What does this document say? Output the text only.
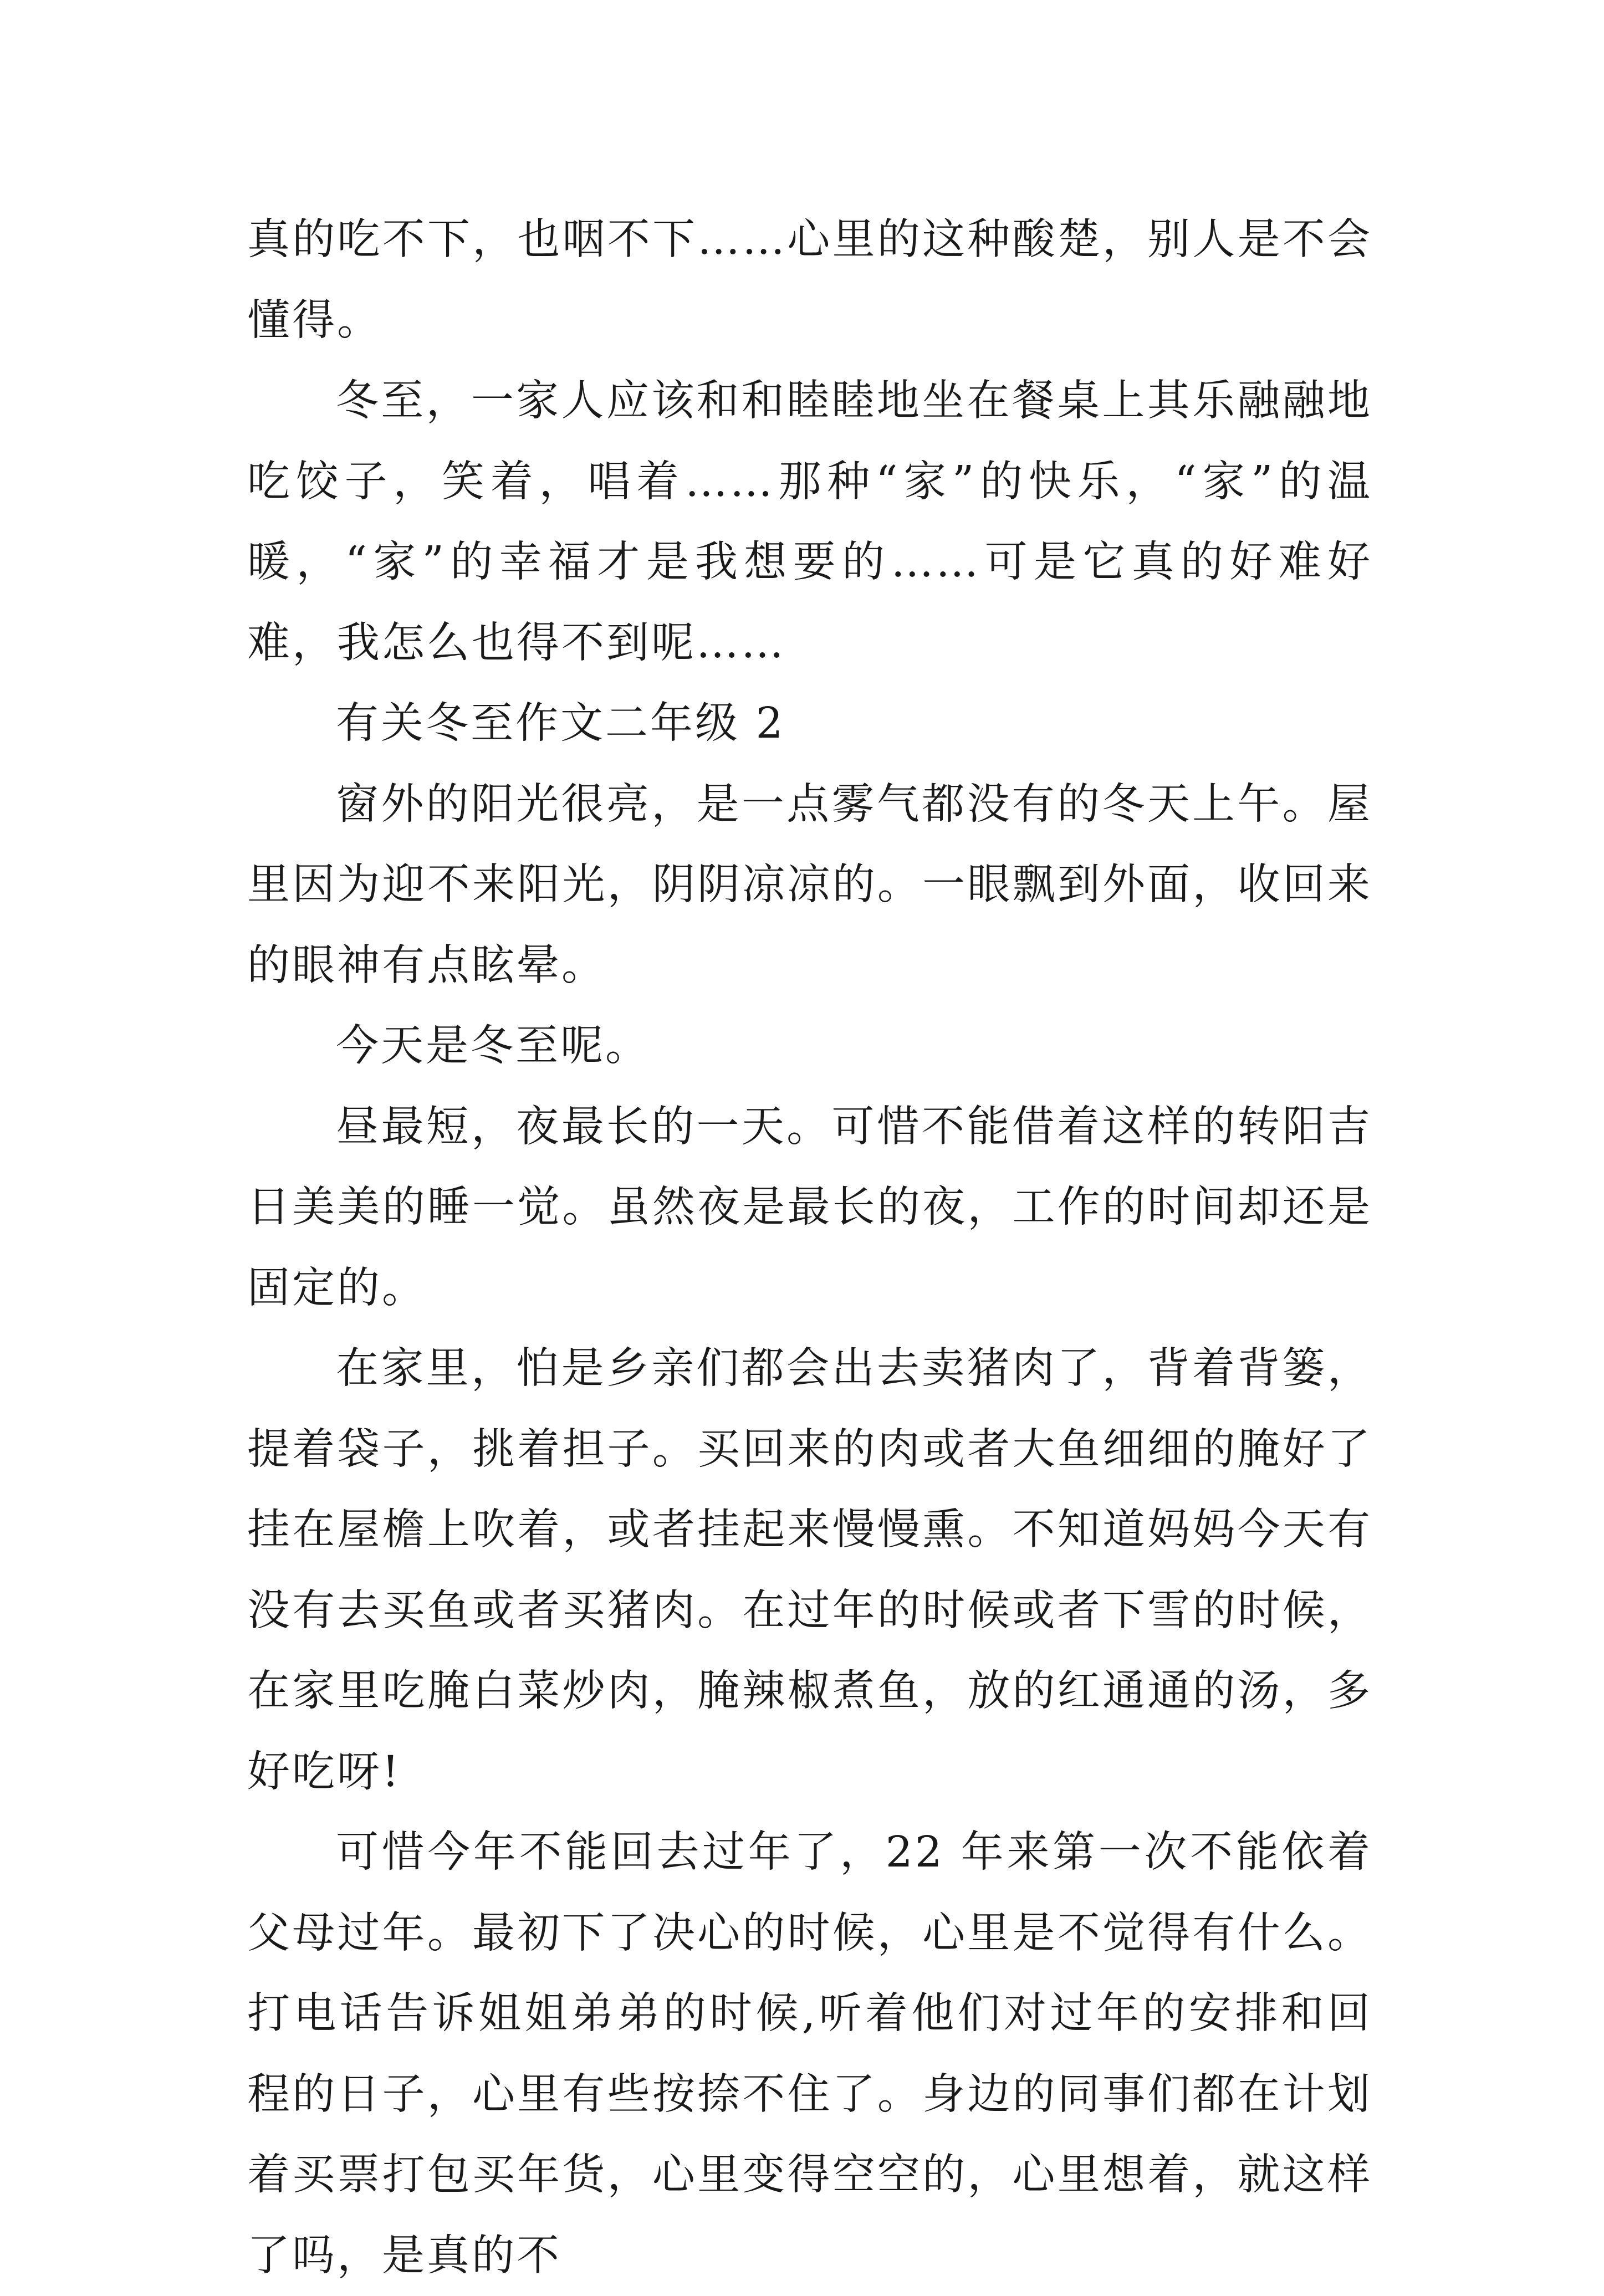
真的吃不下，也咽不下……心里的这种酸楚，别人是不会懂得。

冬至，一家人应该和和睦睦地坐在餐桌上其乐融融地吃饺子，笑着，唱着……那种“家”的快乐，“家”的温暖，“家”的幸福才是我想要的……可是它真的好难好难，我怎么也得不到呢……

有关冬至作文二年级 2

窗外的阳光很亮，是一点雾气都没有的冬天上午。屋里因为迎不来阳光，阴阴凉凉的。一眼飘到外面，收回来的眼神有点眩晕。

今天是冬至呢。

昼最短，夜最长的一天。可惜不能借着这样的转阳吉日美美的睡一觉。虽然夜是最长的夜，工作的时间却还是固定的。

在家里，怕是乡亲们都会出去卖猪肉了，背着背篓，提着袋子，挑着担子。买回来的肉或者大鱼细细的腌好了挂在屋檐上吹着，或者挂起来慢慢熏。不知道妈妈今天有没有去买鱼或者买猪肉。在过年的时候或者下雪的时候，在家里吃腌白菜炒肉，腌辣椒煮鱼，放的红通通的汤，多好吃呀!

可惜今年不能回去过年了，22 年来第一次不能依着父母过年。最初下了决心的时候，心里是不觉得有什么。打电话告诉姐姐弟弟的时候,听着他们对过年的安排和回程的日子，心里有些按捺不住了。身边的同事们都在计划着买票打包买年货，心里变得空空的，心里想着，就这样了吗，是真的不
